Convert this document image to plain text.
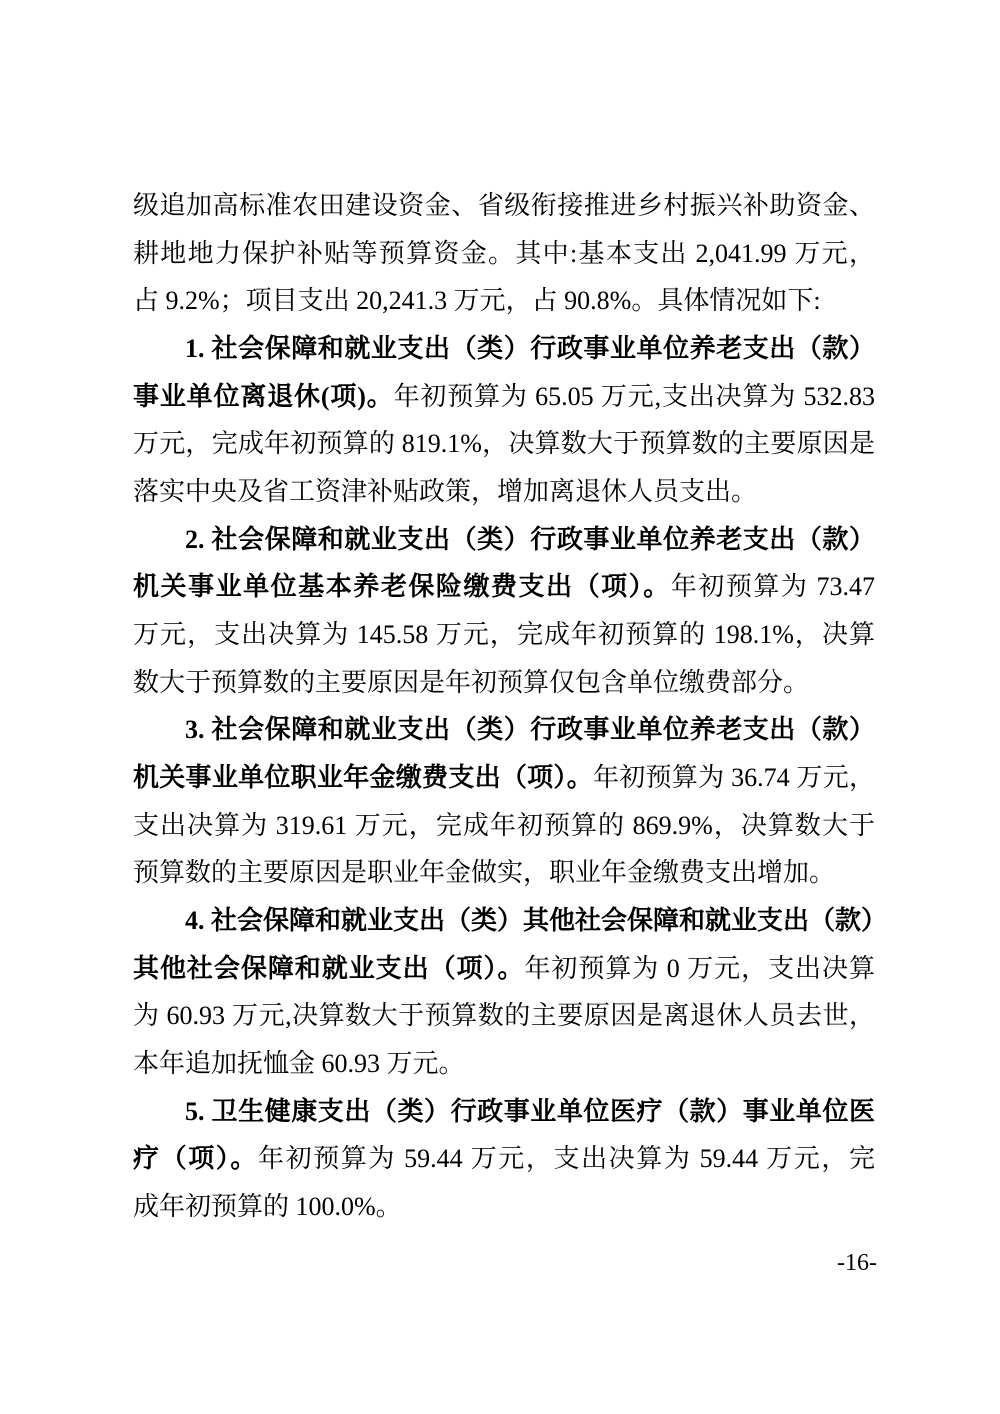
级追加高标准农田建设资金、省级衔接推进乡村振兴补助资金、
耕地地力保护补贴等预算资金。其中:基本支出 2,041.99 万元，
占 9.2%；项目支出 20,241.3 万元，占 90.8%。具体情况如下:
1. 社会保障和就业支出（类）行政事业单位养老支出（款）
事业单位离退休(项)。年初预算为 65.05 万元,支出决算为 532.83
万元，完成年初预算的 819.1%，决算数大于预算数的主要原因是
落实中央及省工资津补贴政策，增加离退休人员支出。
2. 社会保障和就业支出（类）行政事业单位养老支出（款）
机关事业单位基本养老保险缴费支出（项）。年初预算为 73.47
万元，支出决算为 145.58 万元，完成年初预算的 198.1%，决算
数大于预算数的主要原因是年初预算仅包含单位缴费部分。
3. 社会保障和就业支出（类）行政事业单位养老支出（款）
机关事业单位职业年金缴费支出（项）。年初预算为 36.74 万元，
支出决算为 319.61 万元，完成年初预算的 869.9%，决算数大于
预算数的主要原因是职业年金做实，职业年金缴费支出增加。
4. 社会保障和就业支出（类）其他社会保障和就业支出（款）
其他社会保障和就业支出（项）。年初预算为 0 万元，支出决算
为 60.93 万元,决算数大于预算数的主要原因是离退休人员去世，
本年追加抚恤金 60.93 万元。
5. 卫生健康支出（类）行政事业单位医疗（款）事业单位医
疗（项）。年初预算为 59.44 万元，支出决算为 59.44 万元，完
成年初预算的 100.0%。
-16-
